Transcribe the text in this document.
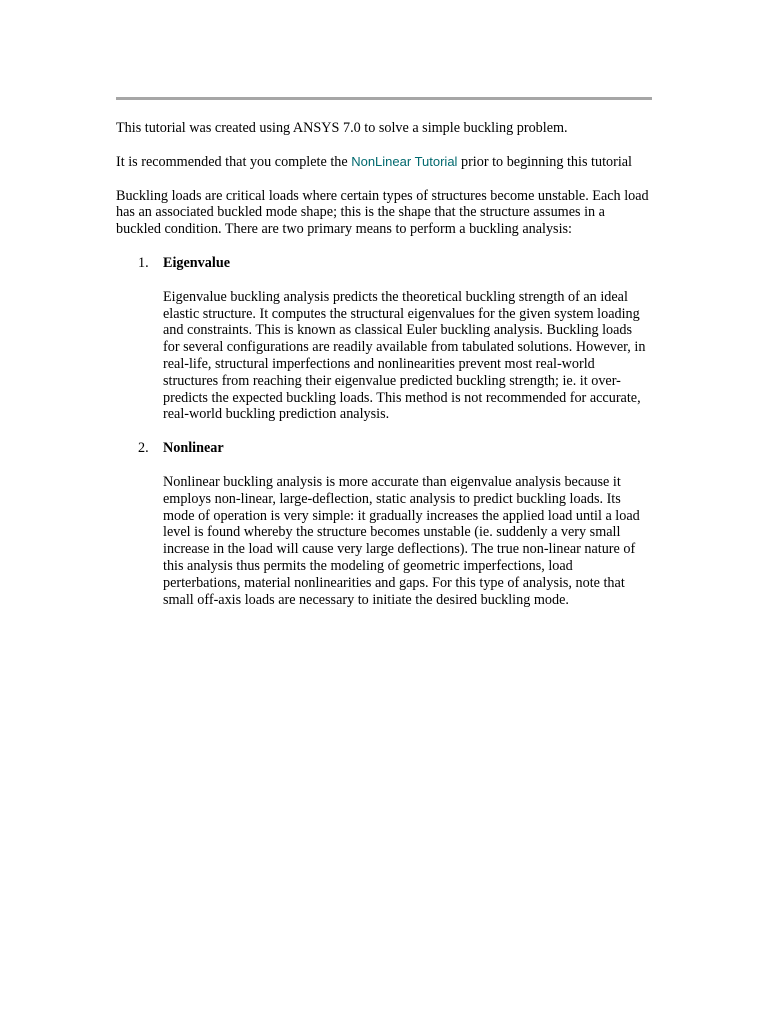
This tutorial was created using ANSYS 7.0 to solve a simple buckling problem.

It is recommended that you complete the NonLinear Tutorial prior to beginning this tutorial

Buckling loads are critical loads where certain types of structures become unstable. Each load has an associated buckled mode shape; this is the shape that the structure assumes in a buckled condition. There are two primary means to perform a buckling analysis:

1. Eigenvalue

Eigenvalue buckling analysis predicts the theoretical buckling strength of an ideal elastic structure. It computes the structural eigenvalues for the given system loading and constraints. This is known as classical Euler buckling analysis. Buckling loads for several configurations are readily available from tabulated solutions. However, in real-life, structural imperfections and nonlinearities prevent most real-world structures from reaching their eigenvalue predicted buckling strength; ie. it over-predicts the expected buckling loads. This method is not recommended for accurate, real-world buckling prediction analysis.

2. Nonlinear

Nonlinear buckling analysis is more accurate than eigenvalue analysis because it employs non-linear, large-deflection, static analysis to predict buckling loads. Its mode of operation is very simple: it gradually increases the applied load until a load level is found whereby the structure becomes unstable (ie. suddenly a very small increase in the load will cause very large deflections). The true non-linear nature of this analysis thus permits the modeling of geometric imperfections, load perterbations, material nonlinearities and gaps. For this type of analysis, note that small off-axis loads are necessary to initiate the desired buckling mode.
